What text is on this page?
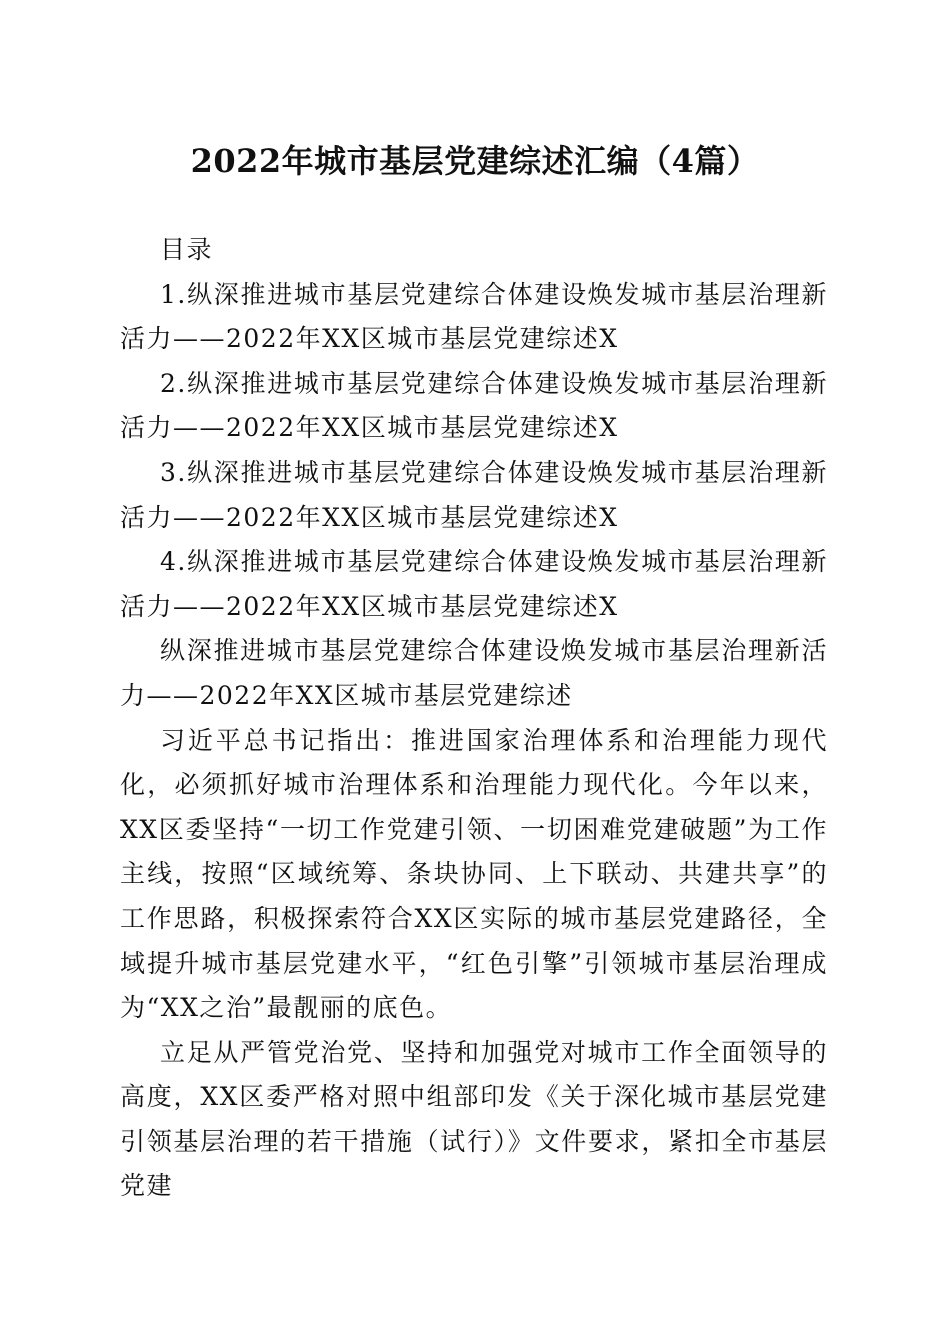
2022年城市基层党建综述汇编（4篇）

目录

1.纵深推进城市基层党建综合体建设焕发城市基层治理新活力——2022年XX区城市基层党建综述X

2.纵深推进城市基层党建综合体建设焕发城市基层治理新活力——2022年XX区城市基层党建综述X

3.纵深推进城市基层党建综合体建设焕发城市基层治理新活力——2022年XX区城市基层党建综述X

4.纵深推进城市基层党建综合体建设焕发城市基层治理新活力——2022年XX区城市基层党建综述X

纵深推进城市基层党建综合体建设焕发城市基层治理新活力——2022年XX区城市基层党建综述

习近平总书记指出：推进国家治理体系和治理能力现代化，必须抓好城市治理体系和治理能力现代化。今年以来，XX区委坚持“一切工作党建引领、一切困难党建破题”为工作主线，按照“区域统筹、条块协同、上下联动、共建共享”的工作思路，积极探索符合XX区实际的城市基层党建路径，全域提升城市基层党建水平，“红色引擎”引领城市基层治理成为“XX之治”最靓丽的底色。

立足从严管党治党、坚持和加强党对城市工作全面领导的高度，XX区委严格对照中组部印发《关于深化城市基层党建引领基层治理的若干措施（试行）》文件要求，紧扣全市基层党建
